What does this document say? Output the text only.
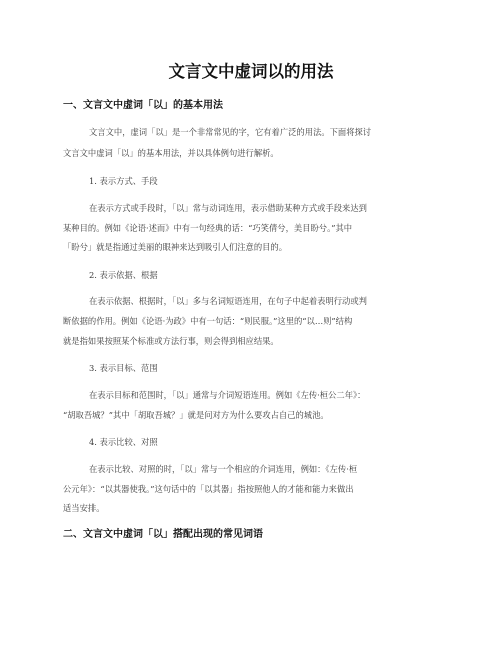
文言文中虚词以的用法
一、文言文中虚词「以」的基本用法

文言文中，虚词「以」是一个非常常见的字，它有着广泛的用法。下面将探讨

文言文中虚词「以」的基本用法，并以具体例句进行解析。

1. 表示方式、手段

在表示方式或手段时，「以」常与动词连用，表示借助某种方式或手段来达到

某种目的。例如《论语·述而》中有一句经典的话：“巧笑倩兮，美目盼兮。”其中

「盼兮」就是指通过美丽的眼神来达到吸引人们注意的目的。

2. 表示依据、根据

在表示依据、根据时，「以」多与名词短语连用，在句子中起着表明行动或判

断依据的作用。例如《论语·为政》中有一句话：“则民服。”这里的“以…则”结构

就是指如果按照某个标准或方法行事，则会得到相应结果。

3. 表示目标、范围

在表示目标和范围时，「以」通常与介词短语连用。例如《左传·桓公二年》：

“胡取吾城？”其中「胡取吾城？」就是问对方为什么要攻占自己的城池。

4. 表示比较、对照

在表示比较、对照的时，「以」常与一个相应的介词连用，例如：《左传·桓

公元年》：“以其器使我。”这句话中的「以其器」指按照他人的才能和能力来做出

适当安排。

二、文言文中虚词「以」搭配出现的常见词语
